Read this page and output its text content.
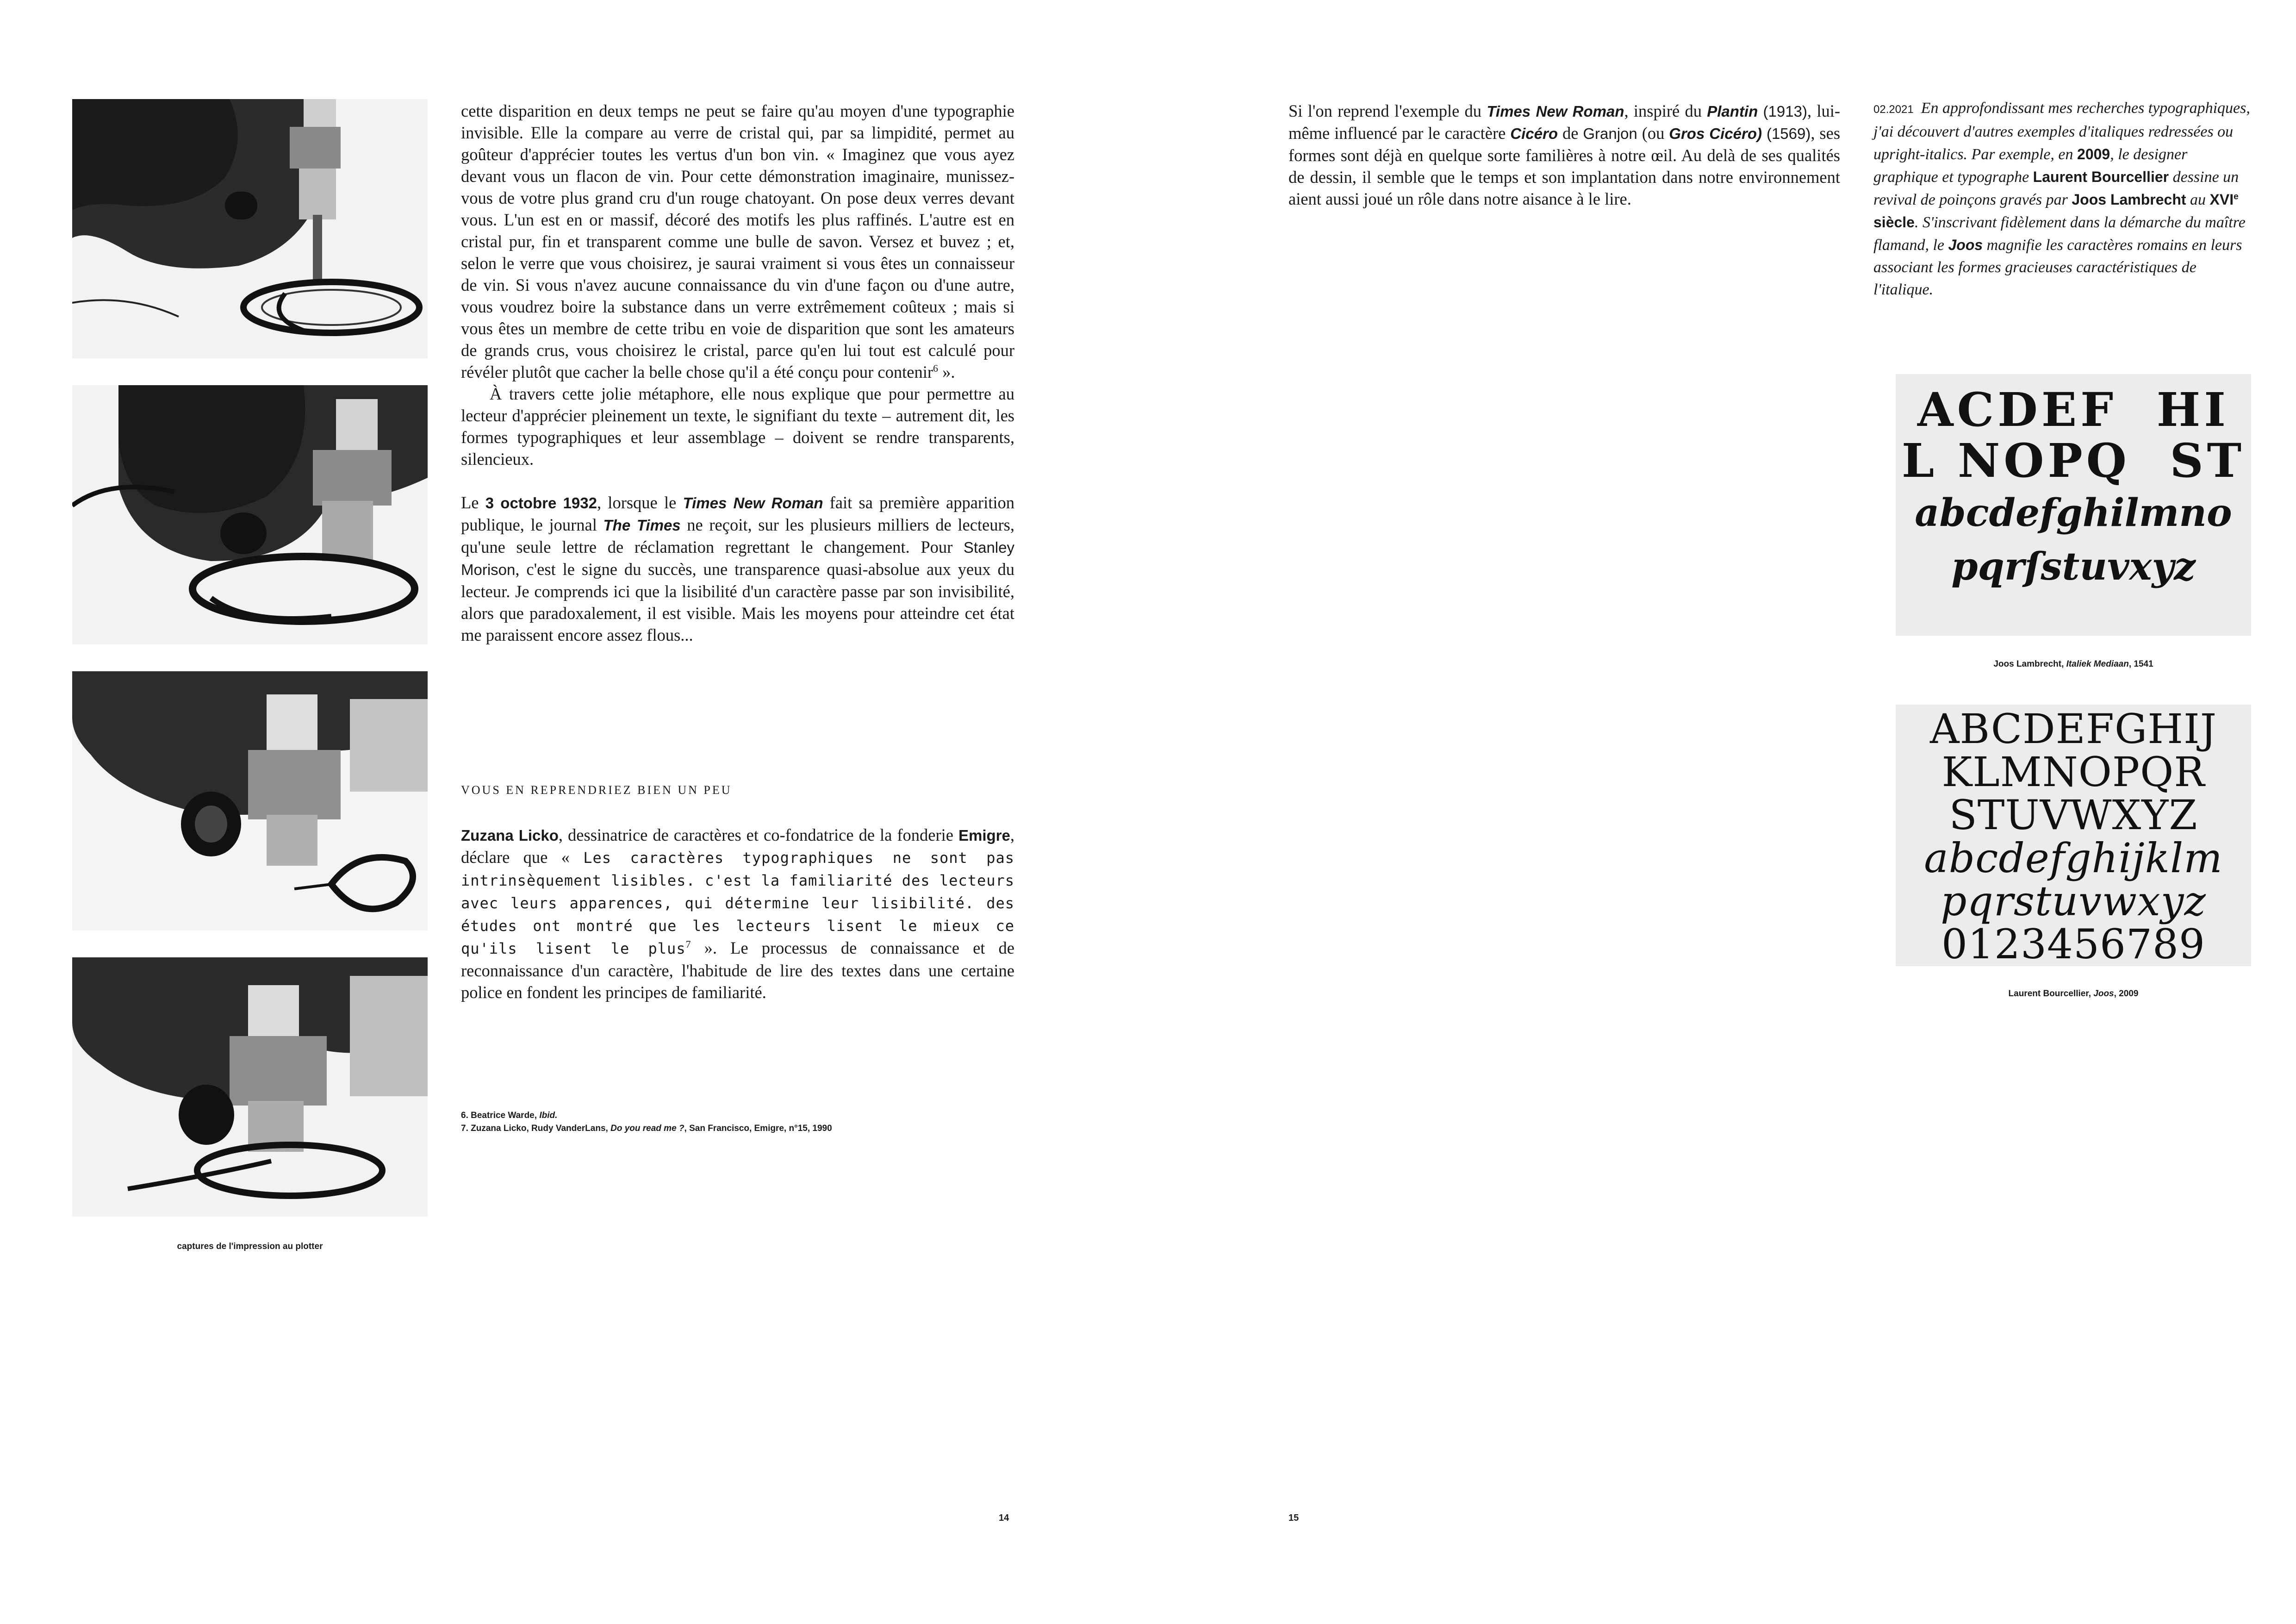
captures de l'impression au plotter

cette disparition en deux temps ne peut se faire qu'au moyen d'une typographie invisible. Elle la compare au verre de cristal qui, par sa limpidité, permet au goûteur d'apprécier toutes les vertus d'un bon vin. « Imaginez que vous ayez devant vous un flacon de vin. Pour cette démonstration imaginaire, munissez-vous de votre plus grand cru d'un rouge chatoyant. On pose deux verres devant vous. L'un est en or massif, décoré des motifs les plus raffinés. L'autre est en cristal pur, fin et transparent comme une bulle de savon. Versez et buvez ; et, selon le verre que vous choisirez, je saurai vraiment si vous êtes un connaisseur de vin. Si vous n'avez aucune connaissance du vin d'une façon ou d'une autre, vous voudrez boire la substance dans un verre extrêmement coûteux ; mais si vous êtes un membre de cette tribu en voie de disparition que sont les amateurs de grands crus, vous choisirez le cristal, parce qu'en lui tout est calculé pour révéler plutôt que cacher la belle chose qu'il a été conçu pour contenir$^6$ ».

À travers cette jolie métaphore, elle nous explique que pour permettre au lecteur d'apprécier pleinement un texte, le signifiant du texte – autrement dit, les formes typographiques et leur assemblage – doivent se rendre transparents, silencieux.

Le 3 octobre 1932, lorsque le Times New Roman fait sa première apparition publique, le journal The Times ne reçoit, sur les plusieurs milliers de lecteurs, qu'une seule lettre de réclamation regrettant le changement. Pour Stanley Morison, c'est le signe du succès, une transparence quasi-absolue aux yeux du lecteur. Je comprends ici que la lisibilité d'un caractère passe par son invisibilité, alors que paradoxalement, il est visible. Mais les moyens pour atteindre cet état me paraissent encore assez flous...

VOUS EN REPRENDRIEZ BIEN UN PEU

Zuzana Licko, dessinatrice de caractères et co-fondatrice de la fonderie Emigre, déclare que « Les caractères typographiques ne sont pas intrinsèquement lisibles. c'est la familiarité des lecteurs avec leurs apparences, qui détermine leur lisibilité. des études ont montré que les lecteurs lisent le mieux ce qu'ils lisent le plus$^7$ ». Le processus de connaissance et de reconnaissance d'un caractère, l'habitude de lire des textes dans une certaine police en fondent les principes de familiarité.

6. Beatrice Warde, Ibid.
7. Zuzana Licko, Rudy VanderLans, Do you read me ?, San Francisco, Emigre, n°15, 1990
14

Si l'on reprend l'exemple du Times New Roman, inspiré du Plantin (1913), lui-même influencé par le caractère Cicéro de Granjon (ou Gros Cicéro) (1569), ses formes sont déjà en quelque sorte familières à notre œil. Au delà de ses qualités de dessin, il semble que le temps et son implantation dans notre environnement aient aussi joué un rôle dans notre aisance à le lire.

02.2021 En approfondissant mes recherches typographiques, j'ai découvert d'autres exemples d'italiques redressées ou upright-italics. Par exemple, en 2009, le designer graphique et typographe Laurent Bourcellier dessine un revival de poinçons gravés par Joos Lambrecht au XVIe siècle. S'inscrivant fidèlement dans la démarche du maître flamand, le Joos magnifie les caractères romains en leurs associant les formes gracieuses caractéristiques de l'italique.
ACDEF  HI
L NOPQ  ST
abcdefghilmno
pqrſstuvxyz
Joos Lambrecht, Italiek Mediaan, 1541
ABCDEFGHIJ
KLMNOPQR
STUVWXYZ
abcdefghijklm
pqrstuvwxyz
0123456789
Laurent Bourcellier, Joos, 2009
15
